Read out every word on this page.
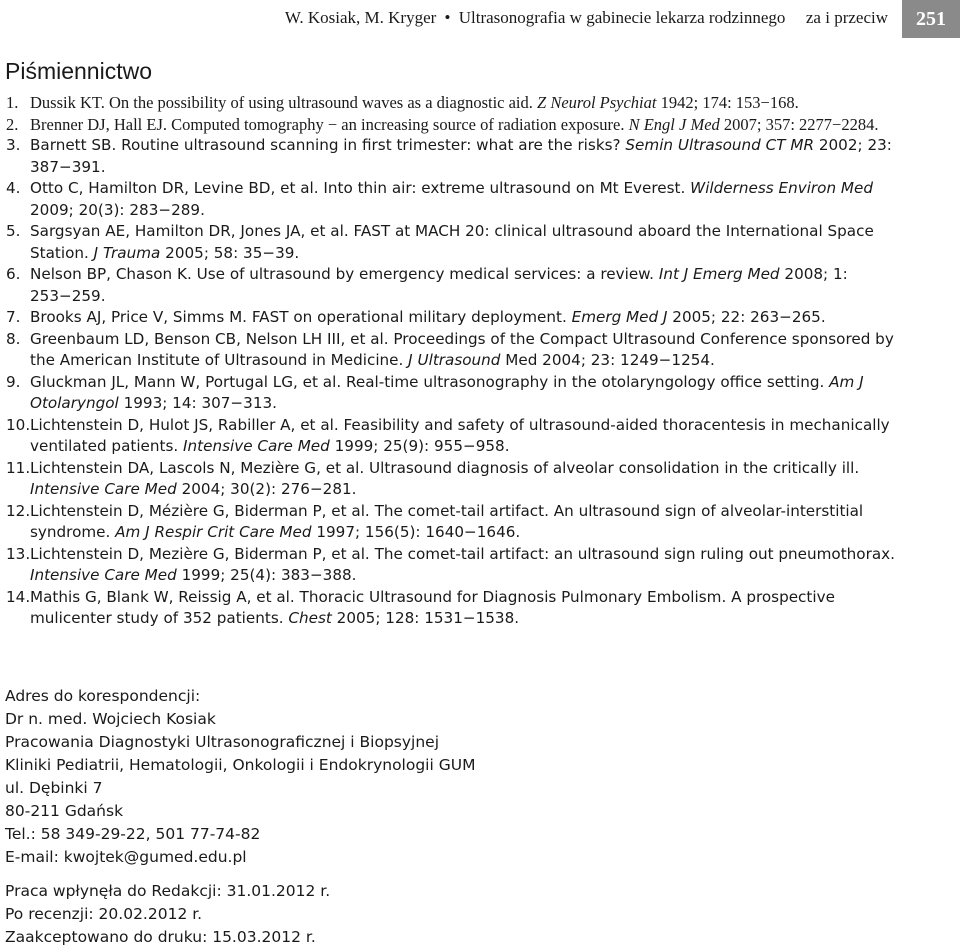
W. Kosiak, M. Kryger • Ultrasonografia w gabinecie lekarza rodzinnego za i przeciw	251
Piśmiennictwo
1. Dussik KT. On the possibility of using ultrasound waves as a diagnostic aid. Z Neurol Psychiat 1942; 174: 153−168.
2. Brenner DJ, Hall EJ. Computed tomography − an increasing source of radiation exposure. N Engl J Med 2007; 357: 2277−2284.
3. Barnett SB. Routine ultrasound scanning in first trimester: what are the risks? Semin Ultrasound CT MR 2002; 23: 387−391.
4. Otto C, Hamilton DR, Levine BD, et al. Into thin air: extreme ultrasound on Mt Everest. Wilderness Environ Med 2009; 20(3): 283−289.
5. Sargsyan AE, Hamilton DR, Jones JA, et al. FAST at MACH 20: clinical ultrasound aboard the International Space Station. J Trauma 2005; 58: 35−39.
6. Nelson BP, Chason K. Use of ultrasound by emergency medical services: a review. Int J Emerg Med 2008; 1: 253−259.
7. Brooks AJ, Price V, Simms M. FAST on operational military deployment. Emerg Med J 2005; 22: 263−265.
8. Greenbaum LD, Benson CB, Nelson LH III, et al. Proceedings of the Compact Ultrasound Conference sponsored by the American Institute of Ultrasound in Medicine. J Ultrasound Med 2004; 23: 1249−1254.
9. Gluckman JL, Mann W, Portugal LG, et al. Real-time ultrasonography in the otolaryngology office setting. Am J Otolaryngol 1993; 14: 307−313.
10. Lichtenstein D, Hulot JS, Rabiller A, et al. Feasibility and safety of ultrasound-aided thoracentesis in mechanically ventilated patients. Intensive Care Med 1999; 25(9): 955−958.
11. Lichtenstein DA, Lascols N, Mezière G, et al. Ultrasound diagnosis of alveolar consolidation in the critically ill. Intensive Care Med 2004; 30(2): 276−281.
12. Lichtenstein D, Mézière G, Biderman P, et al. The comet-tail artifact. An ultrasound sign of alveolar-interstitial syndrome. Am J Respir Crit Care Med 1997; 156(5): 1640−1646.
13. Lichtenstein D, Mezière G, Biderman P, et al. The comet-tail artifact: an ultrasound sign ruling out pneumothorax. Intensive Care Med 1999; 25(4): 383−388.
14. Mathis G, Blank W, Reissig A, et al. Thoracic Ultrasound for Diagnosis Pulmonary Embolism. A prospective mulicenter study of 352 patients. Chest 2005; 128: 1531−1538.
Adres do korespondencji:
Dr n. med. Wojciech Kosiak
Pracowania Diagnostyki Ultrasonograficznej i Biopsyjnej
Kliniki Pediatrii, Hematologii, Onkologii i Endokrynologii GUM
ul. Dębinki 7
80-211 Gdańsk
Tel.: 58 349-29-22, 501 77-74-82
E-mail: kwojtek@gumed.edu.pl
Praca wpłynęła do Redakcji: 31.01.2012 r.
Po recenzji: 20.02.2012 r.
Zaakceptowano do druku: 15.03.2012 r.
